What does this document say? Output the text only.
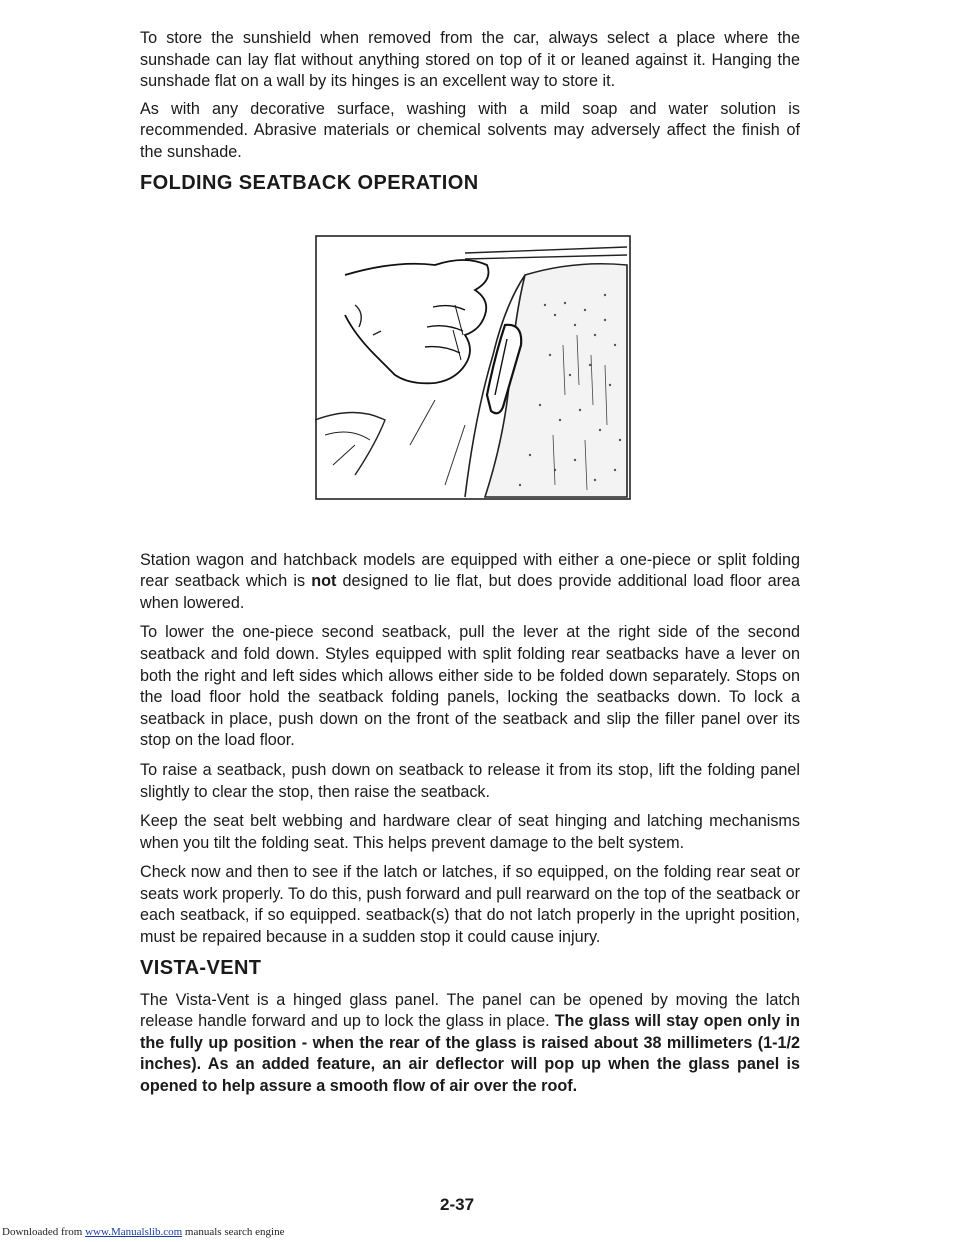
To store the sunshield when removed from the car, always select a place where the sunshade can lay flat without anything stored on top of it or leaned against it. Hanging the sunshade flat on a wall by its hinges is an excellent way to store it.

As with any decorative surface, washing with a mild soap and water solution is recommended. Abrasive materials or chemical solvents may adversely affect the finish of the sunshade.

FOLDING SEATBACK OPERATION

Station wagon and hatchback models are equipped with either a one-piece or split folding rear seatback which is not designed to lie flat, but does provide additional load floor area when lowered.

To lower the one-piece second seatback, pull the lever at the right side of the second seatback and fold down. Styles equipped with split folding rear seatbacks have a lever on both the right and left sides which allows either side to be folded down separately. Stops on the load floor hold the seatback folding panels, locking the seatbacks down. To lock a seatback in place, push down on the front of the seatback and slip the filler panel over its stop on the load floor.

To raise a seatback, push down on seatback to release it from its stop, lift the folding panel slightly to clear the stop, then raise the seatback.

Keep the seat belt webbing and hardware clear of seat hinging and latching mechanisms when you tilt the folding seat. This helps prevent damage to the belt system.

Check now and then to see if the latch or latches, if so equipped, on the folding rear seat or seats work properly. To do this, push forward and pull rearward on the top of the seatback or each seatback, if so equipped. seatback(s) that do not latch properly in the upright position, must be repaired because in a sudden stop it could cause injury.

VISTA-VENT

The Vista-Vent is a hinged glass panel. The panel can be opened by moving the latch release handle forward and up to lock the glass in place. The glass will stay open only in the fully up position - when the rear of the glass is raised about 38 millimeters (1-1/2 inches). As an added feature, an air deflector will pop up when the glass panel is opened to help assure a smooth flow of air over the roof.

2-37
Downloaded from www.Manualslib.com manuals search engine
